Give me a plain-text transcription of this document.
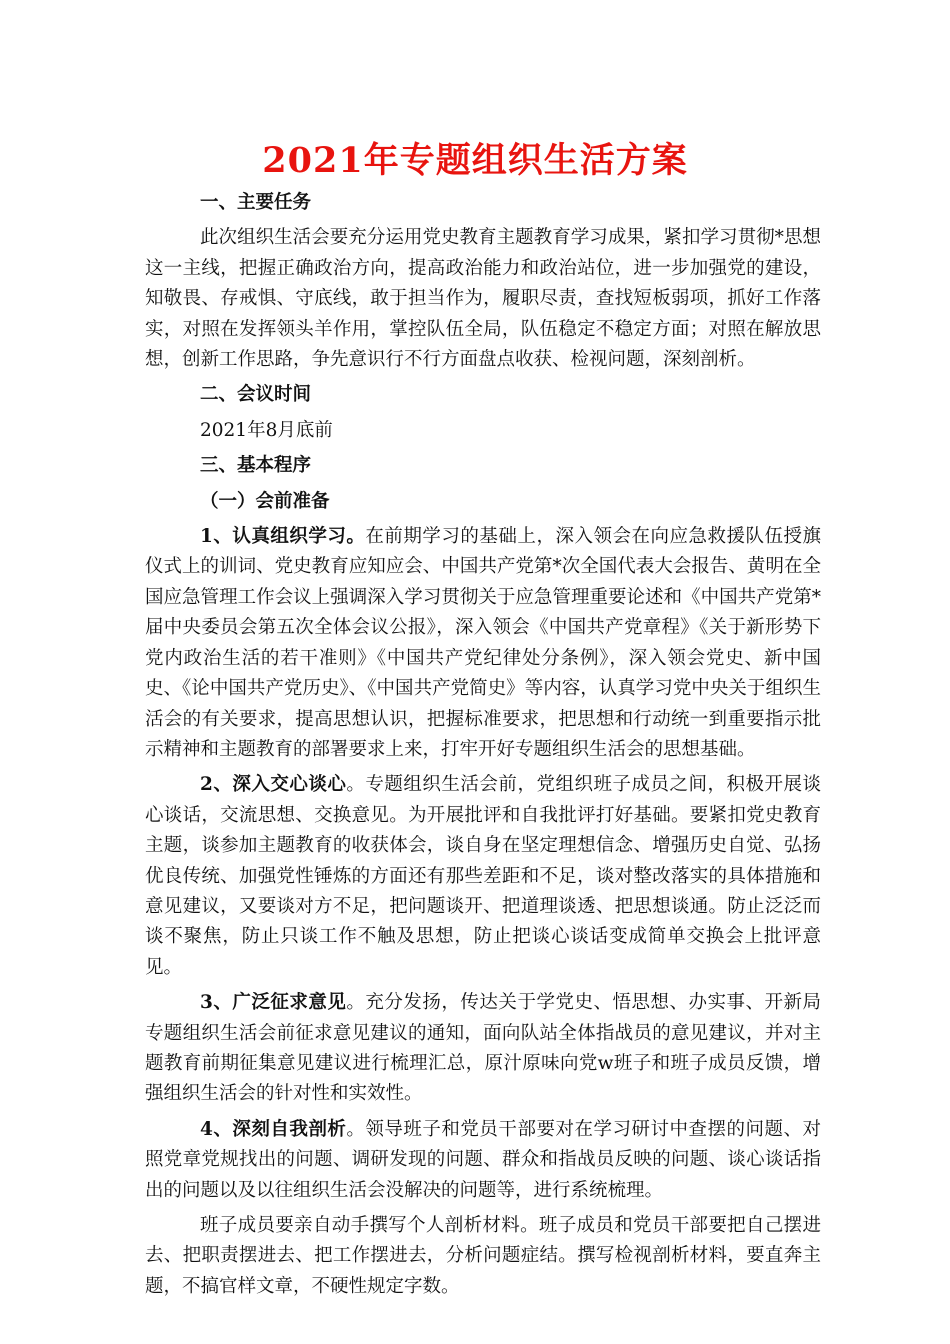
2021年专题组织生活方案

一、主要任务

此次组织生活会要充分运用党史教育主题教育学习成果，紧扣学习贯彻*思想这一主线，把握正确政治方向，提高政治能力和政治站位，进一步加强党的建设，知敬畏、存戒惧、守底线，敢于担当作为，履职尽责，查找短板弱项，抓好工作落实，对照在发挥领头羊作用，掌控队伍全局，队伍稳定不稳定方面；对照在解放思想，创新工作思路，争先意识行不行方面盘点收获、检视问题，深刻剖析。

二、会议时间

2021年8月底前

三、基本程序

（一）会前准备

1、认真组织学习。在前期学习的基础上，深入领会在向应急救援队伍授旗仪式上的训词、党史教育应知应会、中国共产党第*次全国代表大会报告、黄明在全国应急管理工作会议上强调深入学习贯彻关于应急管理重要论述和《中国共产党第*届中央委员会第五次全体会议公报》，深入领会《中国共产党章程》《关于新形势下党内政治生活的若干准则》《中国共产党纪律处分条例》，深入领会党史、新中国史、《论中国共产党历史》、《中国共产党简史》等内容，认真学习党中央关于组织生活会的有关要求，提高思想认识，把握标准要求，把思想和行动统一到重要指示批示精神和主题教育的部署要求上来，打牢开好专题组织生活会的思想基础。

2、深入交心谈心。专题组织生活会前，党组织班子成员之间，积极开展谈心谈话，交流思想、交换意见。为开展批评和自我批评打好基础。要紧扣党史教育主题，谈参加主题教育的收获体会，谈自身在坚定理想信念、增强历史自觉、弘扬优良传统、加强党性锤炼的方面还有那些差距和不足，谈对整改落实的具体措施和意见建议，又要谈对方不足，把问题谈开、把道理谈透、把思想谈通。防止泛泛而谈不聚焦，防止只谈工作不触及思想，防止把谈心谈话变成简单交换会上批评意见。

3、广泛征求意见。充分发扬，传达关于学党史、悟思想、办实事、开新局专题组织生活会前征求意见建议的通知，面向队站全体指战员的意见建议，并对主题教育前期征集意见建议进行梳理汇总，原汁原味向党w班子和班子成员反馈，增强组织生活会的针对性和实效性。

4、深刻自我剖析。领导班子和党员干部要对在学习研讨中查摆的问题、对照党章党规找出的问题、调研发现的问题、群众和指战员反映的问题、谈心谈话指出的问题以及以往组织生活会没解决的问题等，进行系统梳理。

班子成员要亲自动手撰写个人剖析材料。班子成员和党员干部要把自己摆进去、把职责摆进去、把工作摆进去，分析问题症结。撰写检视剖析材料，要直奔主题，不搞官样文章，不硬性规定字数。
